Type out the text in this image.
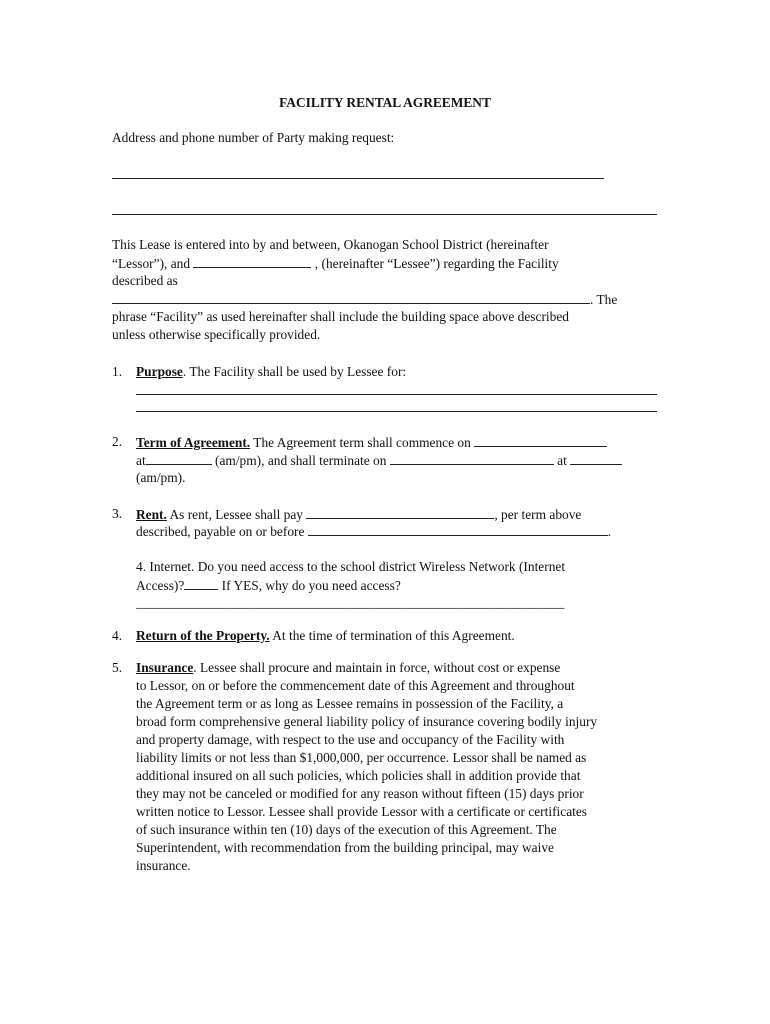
FACILITY RENTAL AGREEMENT
Address and phone number of Party making request:
This Lease is entered into by and between, Okanogan School District (hereinafter
“Lessor”), and	, (hereinafter “Lessee”) regarding the Facility
described as
. The
phrase “Facility” as used hereinafter shall include the building space above described
unless otherwise specifically provided.
1. Purpose. The Facility shall be used by Lessee for:
2. Term of Agreement. The Agreement term shall commence on
at	(am/pm), and shall terminate on	at
(am/pm).
3. Rent. As rent, Lessee shall pay	, per term above
described, payable on or before	.
4. Internet. Do you need access to the school district Wireless Network (Internet
Access)?	If YES, why do you need access?
________________________________________________________________
4. Return of the Property. At the time of termination of this Agreement.
5. Insurance. Lessee shall procure and maintain in force, without cost or expense
to Lessor, on or before the commencement date of this Agreement and throughout
the Agreement term or as long as Lessee remains in possession of the Facility, a
broad form comprehensive general liability policy of insurance covering bodily injury
and property damage, with respect to the use and occupancy of the Facility with
liability limits or not less than $1,000,000, per occurrence. Lessor shall be named as
additional insured on all such policies, which policies shall in addition provide that
they may not be canceled or modified for any reason without fifteen (15) days prior
written notice to Lessor. Lessee shall provide Lessor with a certificate or certificates
of such insurance within ten (10) days of the execution of this Agreement. The
Superintendent, with recommendation from the building principal, may waive
insurance.
